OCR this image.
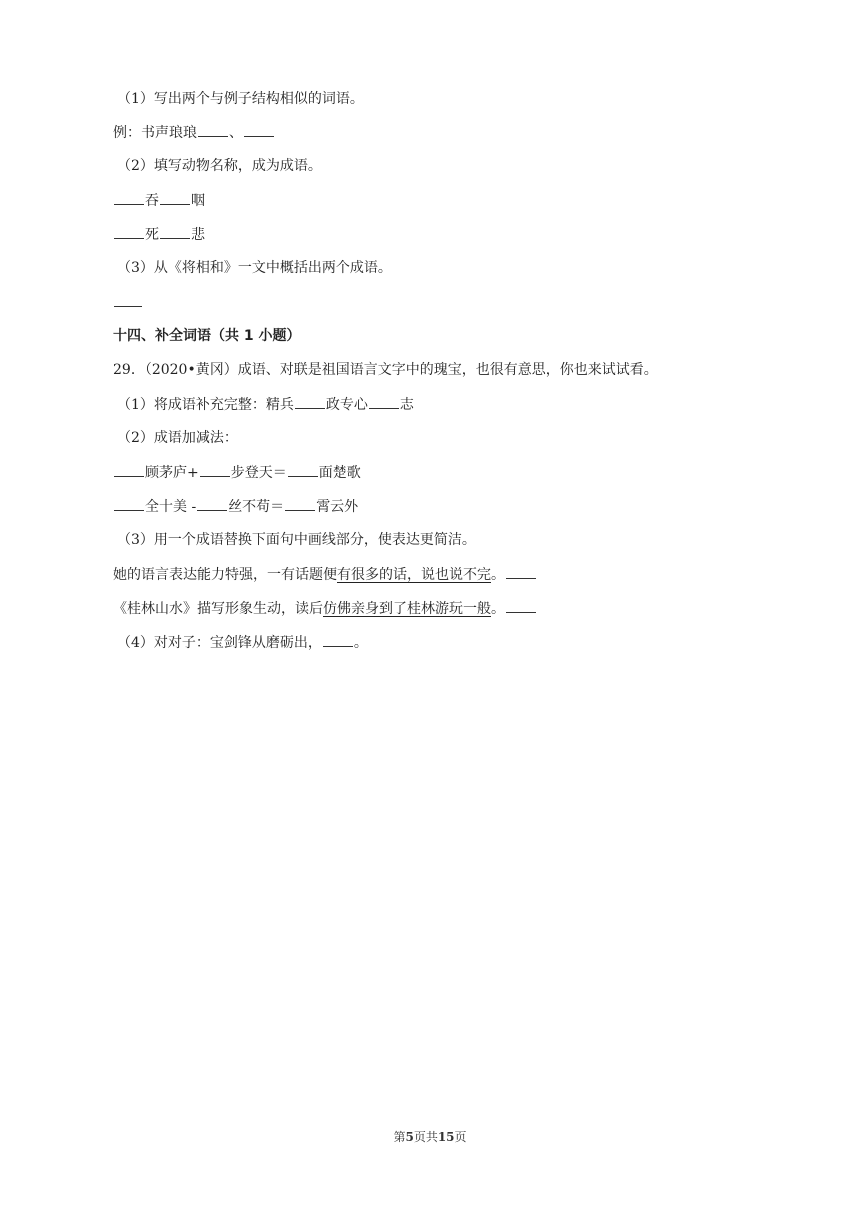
（1）写出两个与例子结构相似的词语。
例：书声琅琅 、
（2）填写动物名称，成为成语。
吞 咽
死 悲
（3）从《将相和》一文中概括出两个成语。
十四、补全词语（共 1 小题）
29．（2020•黄冈）成语、对联是祖国语言文字中的瑰宝，也很有意思，你也来试试看。
（1）将成语补充完整：精兵 政专心 志
（2）成语加减法：
顾茅庐+ 步登天＝ 面楚歌
全十美 - 丝不苟＝ 霄云外
（3）用一个成语替换下面句中画线部分，使表达更简洁。
她的语言表达能力特强，一有话题便有很多的话，说也说不完。
《桂林山水》描写形象生动，读后仿佛亲身到了桂林游玩一般。
（4）对对子：宝剑锋从磨砺出， 。
第5页共15页
